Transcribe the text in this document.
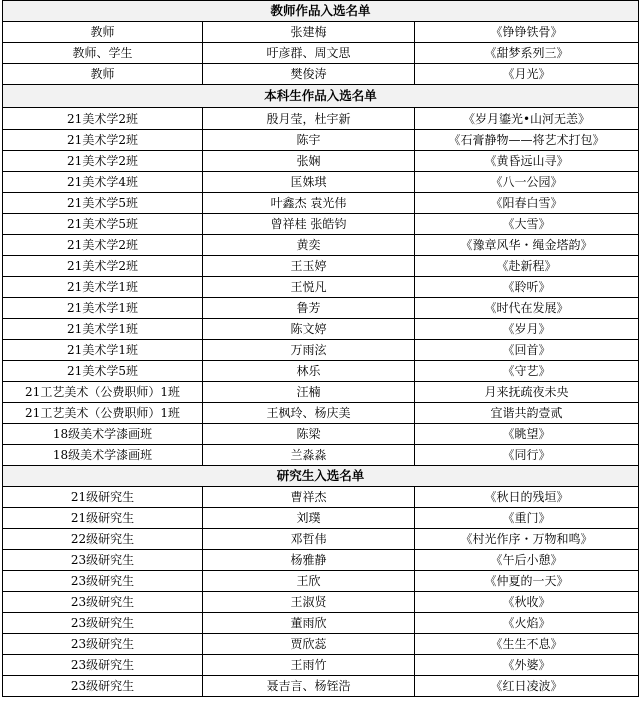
教师作品入选名单		
教师	张建梅	《铮铮铁骨》
教师、学生	吁彦群、周文思	《甜梦系列三》
教师	樊俊涛	《月光》
本科生作品入选名单		
21美术学2班	殷月莹，杜宇新	《岁月鎏光•山河无恙》
21美术学2班	陈宇	《石膏静物——将艺术打包》
21美术学2班	张娴	《黄昏远山寻》
21美术学4班	匡姝琪	《八一公园》
21美术学5班	叶鑫杰 袁光伟	《阳春白雪》
21美术学5班	曾祥桂 张皓钧	《大雪》
21美术学2班	黄奕	《豫章风华・绳金塔韵》
21美术学2班	王玉婷	《赴新程》
21美术学1班	王悦凡	《聆听》
21美术学1班	鲁芳	《时代在发展》
21美术学1班	陈文婷	《岁月》
21美术学1班	万雨泫	《回首》
21美术学5班	林乐	《守艺》
21工艺美术（公费职师）1班	汪楠	月来抚疏夜未央
21工艺美术（公费职师）1班	王枫玲、杨庆美	宜谐共韵壹贰
18级美术学漆画班	陈梁	《眺望》
18级美术学漆画班	兰淼淼	《同行》
研究生入选名单		
21级研究生	曹祥杰	《秋日的残垣》
21级研究生	刘璞	《重门》
22级研究生	邓哲伟	《村光作序・万物和鸣》
23级研究生	杨雅静	《午后小憩》
23级研究生	王欣	《仲夏的一天》
23级研究生	王淑贤	《秋收》
23级研究生	董雨欣	《火焰》
23级研究生	贾欣蕊	《生生不息》
23级研究生	王雨竹	《外婆》
23级研究生	聂吉言、杨铚浩	《红日凌波》
